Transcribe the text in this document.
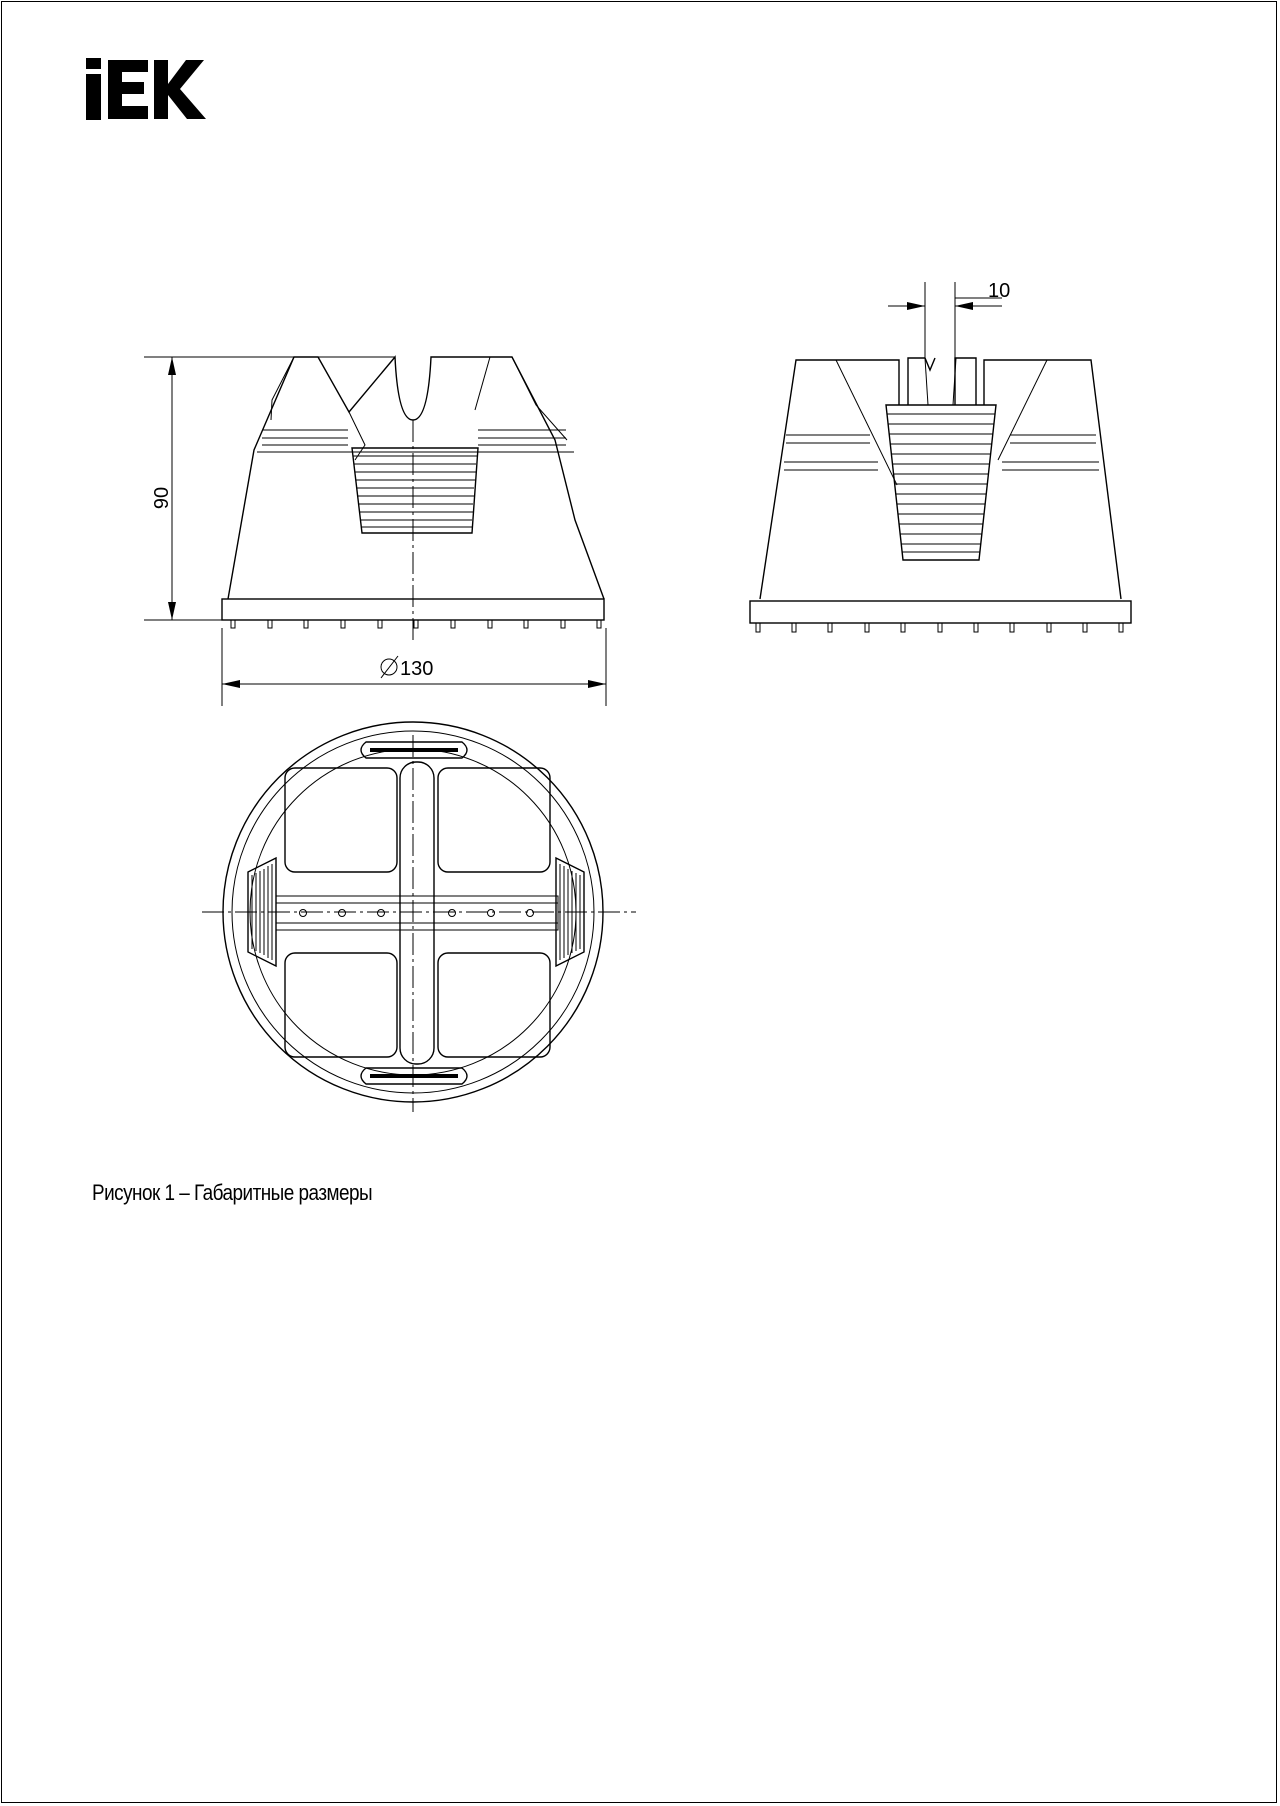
90
130
10
Рисунок 1 – Габаритные размеры
